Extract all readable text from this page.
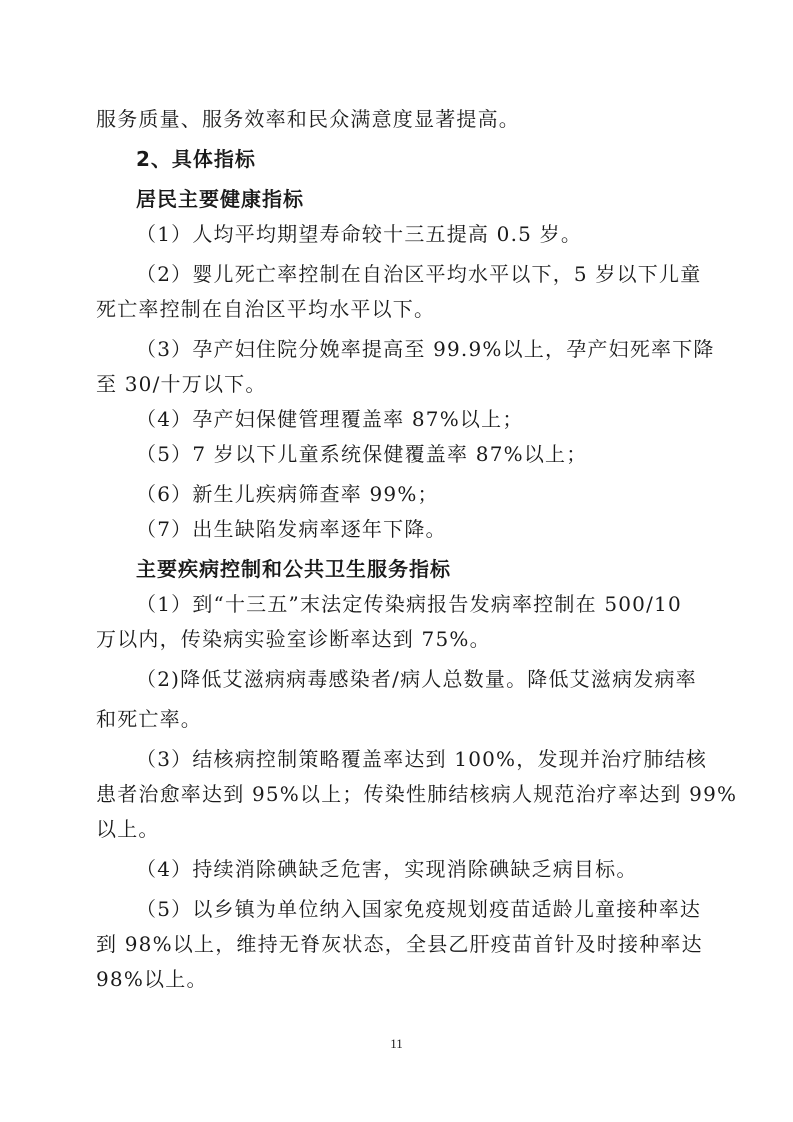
服务质量、服务效率和民众满意度显著提高。
2、具体指标
居民主要健康指标
（1）人均平均期望寿命较十三五提高 0.5 岁。
（2）婴儿死亡率控制在自治区平均水平以下，5 岁以下儿童
死亡率控制在自治区平均水平以下。
（3）孕产妇住院分娩率提高至 99.9%以上，孕产妇死率下降
至 30/十万以下。
（4）孕产妇保健管理覆盖率 87%以上；
（5）7 岁以下儿童系统保健覆盖率 87%以上；
（6）新生儿疾病筛查率 99%；
（7）出生缺陷发病率逐年下降。
主要疾病控制和公共卫生服务指标
（1）到“十三五”末法定传染病报告发病率控制在 500/10
万以内，传染病实验室诊断率达到 75%。
（2)降低艾滋病病毒感染者/病人总数量。降低艾滋病发病率
和死亡率。
（3）结核病控制策略覆盖率达到 100%，发现并治疗肺结核
患者治愈率达到 95%以上；传染性肺结核病人规范治疗率达到 99%
以上。
（4）持续消除碘缺乏危害，实现消除碘缺乏病目标。
（5）以乡镇为单位纳入国家免疫规划疫苗适龄儿童接种率达
到 98%以上，维持无脊灰状态，全县乙肝疫苗首针及时接种率达
98%以上。
11
